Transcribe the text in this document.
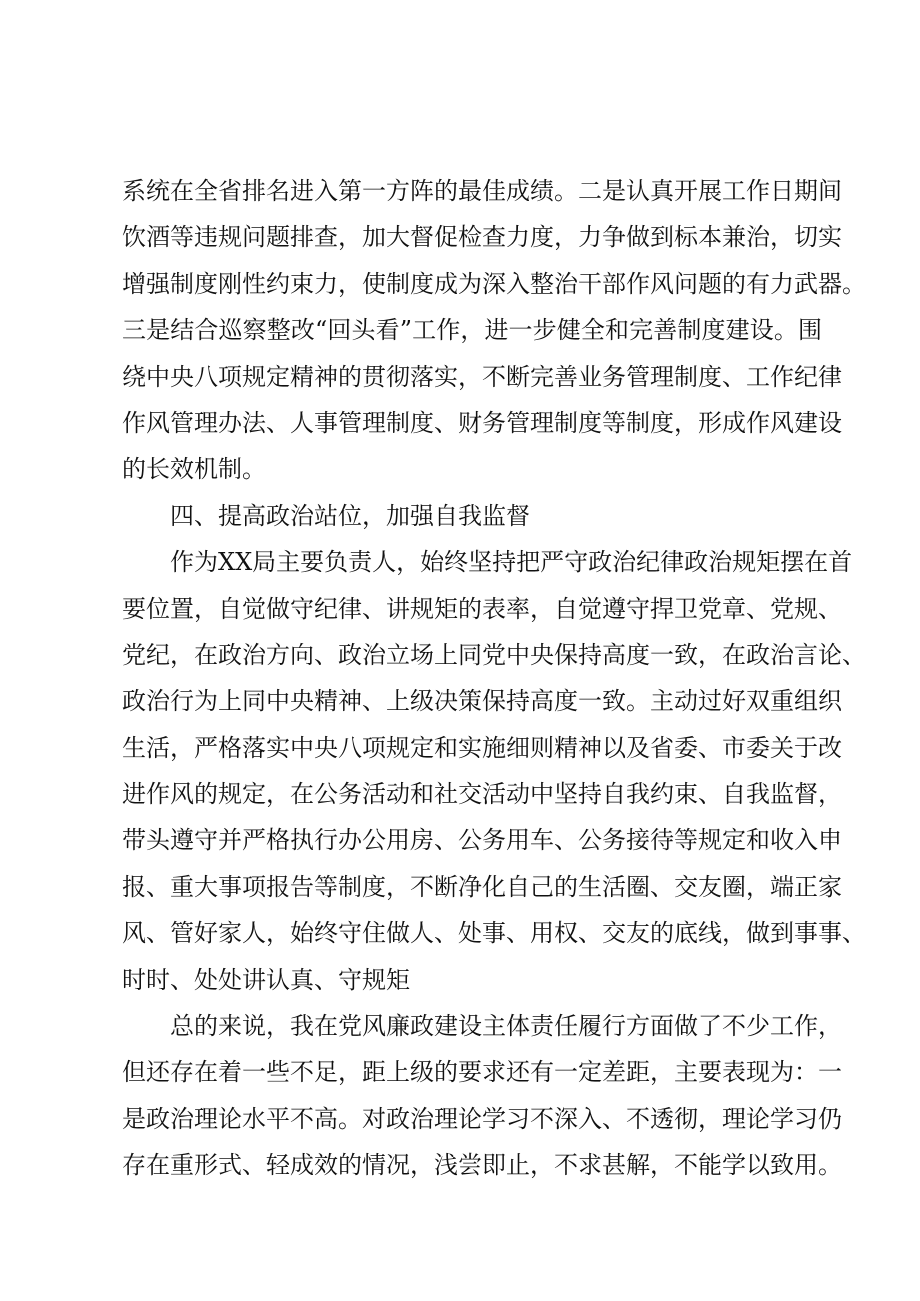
系统在全省排名进入第一方阵的最佳成绩。二是认真开展工作日期间
饮酒等违规问题排查，加大督促检查力度，力争做到标本兼治，切实
增强制度刚性约束力，使制度成为深入整治干部作风问题的有力武器。
三是结合巡察整改“回头看”工作，进一步健全和完善制度建设。围
绕中央八项规定精神的贯彻落实，不断完善业务管理制度、工作纪律
作风管理办法、人事管理制度、财务管理制度等制度，形成作风建设
的长效机制。
四、提高政治站位，加强自我监督
作为XX局主要负责人，始终坚持把严守政治纪律政治规矩摆在首
要位置，自觉做守纪律、讲规矩的表率，自觉遵守捍卫党章、党规、
党纪，在政治方向、政治立场上同党中央保持高度一致，在政治言论、
政治行为上同中央精神、上级决策保持高度一致。主动过好双重组织
生活，严格落实中央八项规定和实施细则精神以及省委、市委关于改
进作风的规定，在公务活动和社交活动中坚持自我约束、自我监督，
带头遵守并严格执行办公用房、公务用车、公务接待等规定和收入申
报、重大事项报告等制度，不断净化自己的生活圈、交友圈，端正家
风、管好家人，始终守住做人、处事、用权、交友的底线，做到事事、
时时、处处讲认真、守规矩
总的来说，我在党风廉政建设主体责任履行方面做了不少工作，
但还存在着一些不足，距上级的要求还有一定差距，主要表现为：一
是政治理论水平不高。对政治理论学习不深入、不透彻，理论学习仍
存在重形式、轻成效的情况，浅尝即止，不求甚解，不能学以致用。
